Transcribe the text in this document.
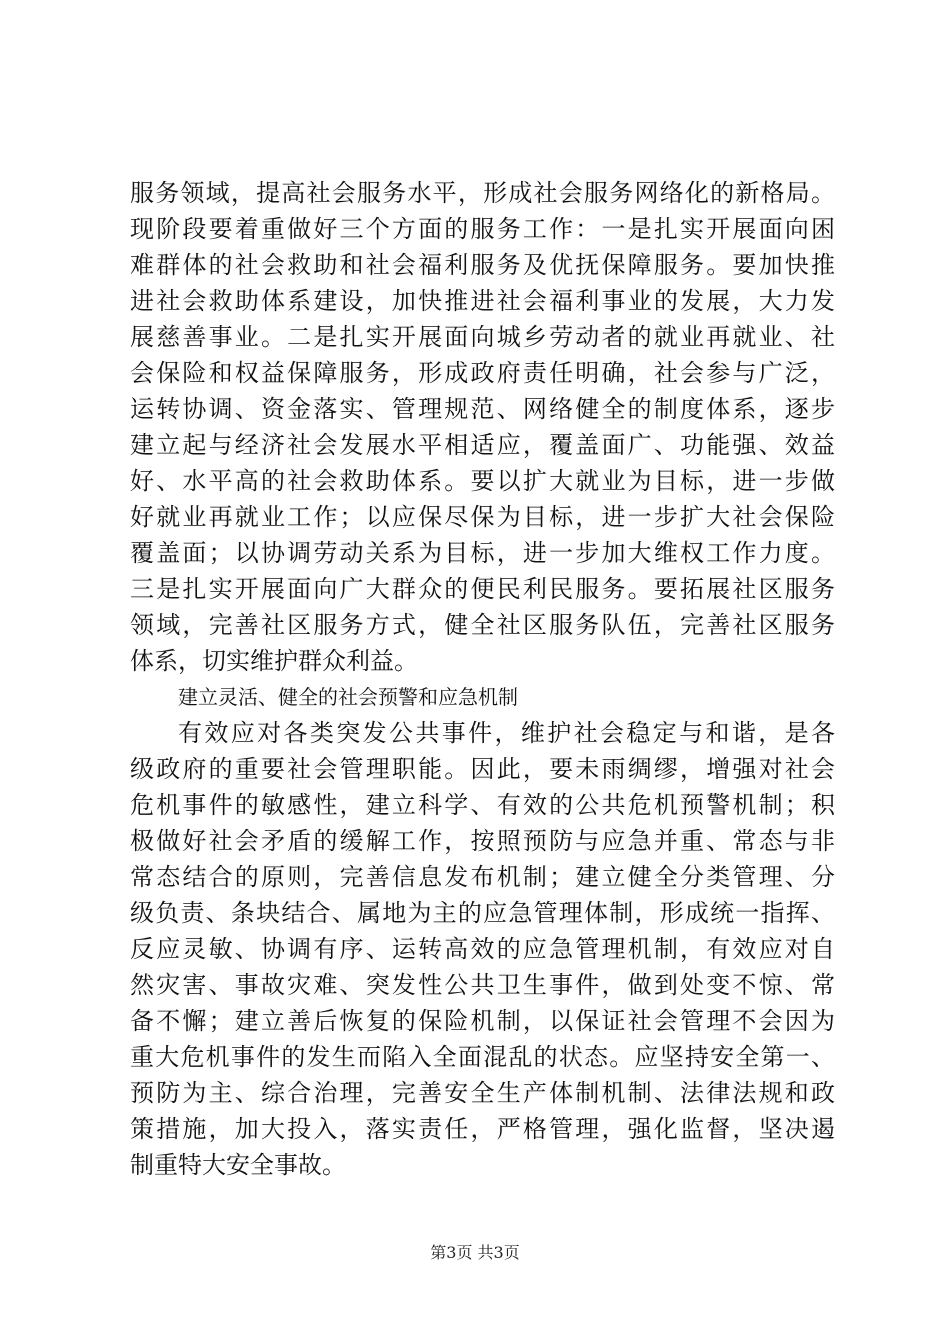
服务领域，提高社会服务水平，形成社会服务网络化的新格局。
现阶段要着重做好三个方面的服务工作：一是扎实开展面向困
难群体的社会救助和社会福利服务及优抚保障服务。要加快推
进社会救助体系建设，加快推进社会福利事业的发展，大力发
展慈善事业。二是扎实开展面向城乡劳动者的就业再就业、社
会保险和权益保障服务，形成政府责任明确，社会参与广泛，
运转协调、资金落实、管理规范、网络健全的制度体系，逐步
建立起与经济社会发展水平相适应，覆盖面广、功能强、效益
好、水平高的社会救助体系。要以扩大就业为目标，进一步做
好就业再就业工作；以应保尽保为目标，进一步扩大社会保险
覆盖面；以协调劳动关系为目标，进一步加大维权工作力度。
三是扎实开展面向广大群众的便民利民服务。要拓展社区服务
领域，完善社区服务方式，健全社区服务队伍，完善社区服务
体系，切实维护群众利益。
建立灵活、健全的社会预警和应急机制
有效应对各类突发公共事件，维护社会稳定与和谐，是各
级政府的重要社会管理职能。因此，要未雨绸缪，增强对社会
危机事件的敏感性，建立科学、有效的公共危机预警机制；积
极做好社会矛盾的缓解工作，按照预防与应急并重、常态与非
常态结合的原则，完善信息发布机制；建立健全分类管理、分
级负责、条块结合、属地为主的应急管理体制，形成统一指挥、
反应灵敏、协调有序、运转高效的应急管理机制，有效应对自
然灾害、事故灾难、突发性公共卫生事件，做到处变不惊、常
备不懈；建立善后恢复的保险机制，以保证社会管理不会因为
重大危机事件的发生而陷入全面混乱的状态。应坚持安全第一、
预防为主、综合治理，完善安全生产体制机制、法律法规和政
策措施，加大投入，落实责任，严格管理，强化监督，坚决遏
制重特大安全事故。
第3页 共3页
